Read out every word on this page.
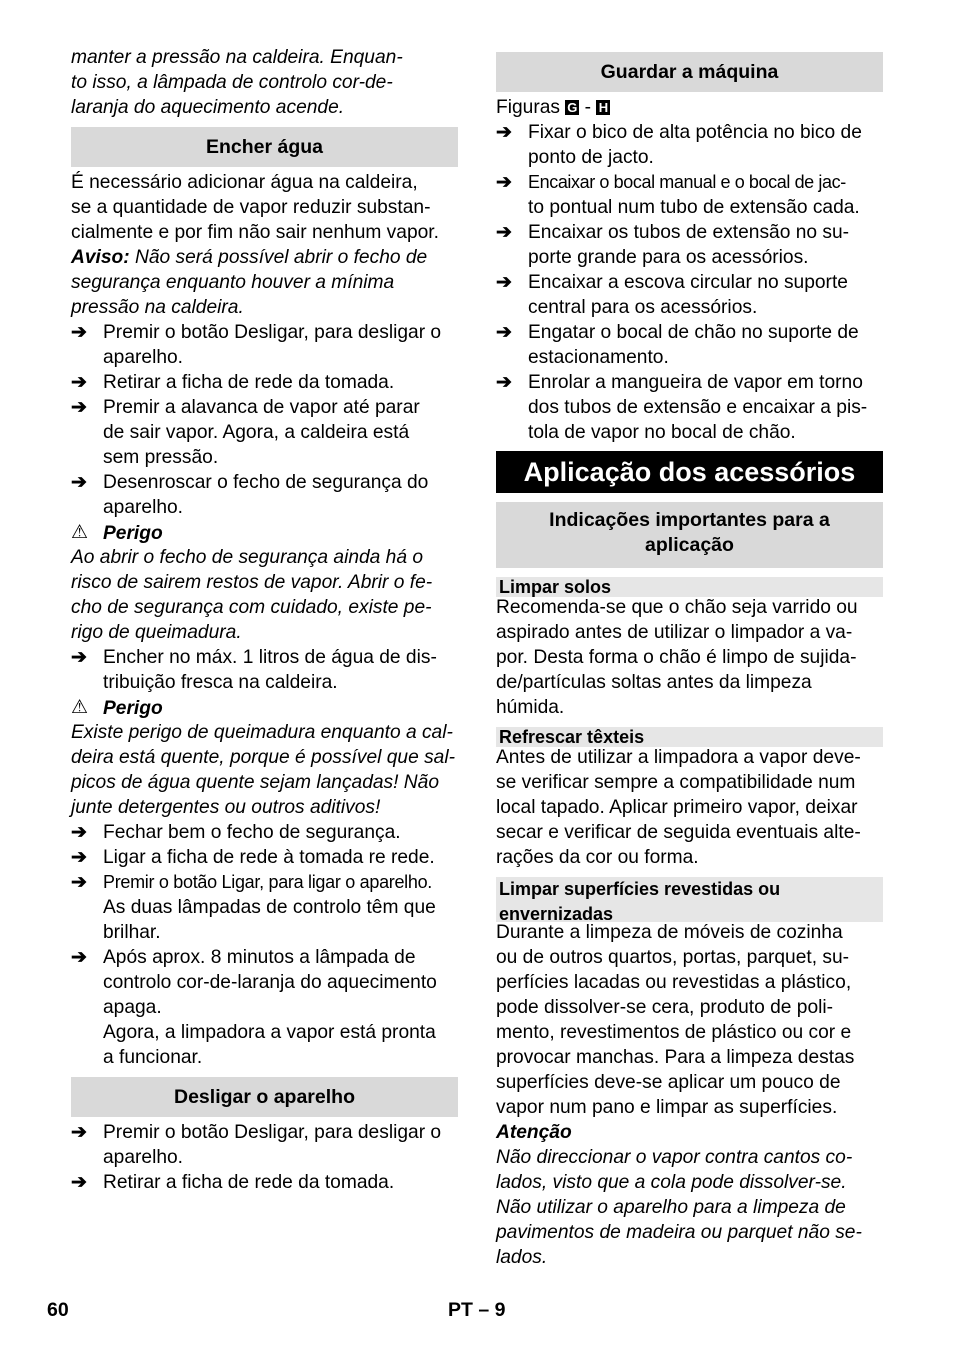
manter a pressão na caldeira. Enquan-
to isso, a lâmpada de controlo cor-de-
laranja do aquecimento acende.
Encher água
É necessário adicionar água na caldeira,
se a quantidade de vapor reduzir substan-
cialmente e por fim não sair nenhum vapor.
Aviso: Não será possível abrir o fecho de
segurança enquanto houver a mínima
pressão na caldeira.
➔ Premir o botão Desligar, para desligar o
aparelho.
➔ Retirar a ficha de rede da tomada.
➔ Premir a alavanca de vapor até parar
de sair vapor. Agora, a caldeira está
sem pressão.
➔ Desenroscar o fecho de segurança do
aparelho.
⚠ Perigo
Ao abrir o fecho de segurança ainda há o
risco de sairem restos de vapor. Abrir o fe-
cho de segurança com cuidado, existe pe-
rigo de queimadura.
➔ Encher no máx. 1 litros de água de dis-
tribuição fresca na caldeira.
⚠ Perigo
Existe perigo de queimadura enquanto a cal-
deira está quente, porque é possível que sal-
picos de água quente sejam lançadas! Não
junte detergentes ou outros aditivos!
➔ Fechar bem o fecho de segurança.
➔ Ligar a ficha de rede à tomada re rede.
➔ Premir o botão Ligar, para ligar o aparelho.
As duas lâmpadas de controlo têm que
brilhar.
➔ Após aprox. 8 minutos a lâmpada de
controlo cor-de-laranja do aquecimento
apaga.
Agora, a limpadora a vapor está pronta
a funcionar.
Desligar o aparelho
➔ Premir o botão Desligar, para desligar o
aparelho.
➔ Retirar a ficha de rede da tomada.
Guardar a máquina
Figuras G - H
➔ Fixar o bico de alta potência no bico de
ponto de jacto.
➔ Encaixar o bocal manual e o bocal de jac-
to pontual num tubo de extensão cada.
➔ Encaixar os tubos de extensão no su-
porte grande para os acessórios.
➔ Encaixar a escova circular no suporte
central para os acessórios.
➔ Engatar o bocal de chão no suporte de
estacionamento.
➔ Enrolar a mangueira de vapor em torno
dos tubos de extensão e encaixar a pis-
tola de vapor no bocal de chão.
Aplicação dos acessórios
Indicações importantes para a
aplicação
Limpar solos
Recomenda-se que o chão seja varrido ou
aspirado antes de utilizar o limpador a va-
por. Desta forma o chão é limpo de sujida-
de/partículas soltas antes da limpeza
húmida.
Refrescar têxteis
Antes de utilizar a limpadora a vapor deve-
se verificar sempre a compatibilidade num
local tapado. Aplicar primeiro vapor, deixar
secar e verificar de seguida eventuais alte-
rações da cor ou forma.
Limpar superfícies revestidas ou
envernizadas
Durante a limpeza de móveis de cozinha
ou de outros quartos, portas, parquet, su-
perfícies lacadas ou revestidas a plástico,
pode dissolver-se cera, produto de poli-
mento, revestimentos de plástico ou cor e
provocar manchas. Para a limpeza destas
superfícies deve-se aplicar um pouco de
vapor num pano e limpar as superfícies.
Atenção
Não direccionar o vapor contra cantos co-
lados, visto que a cola pode dissolver-se.
Não utilizar o aparelho para a limpeza de
pavimentos de madeira ou parquet não se-
lados.
60	PT – 9
